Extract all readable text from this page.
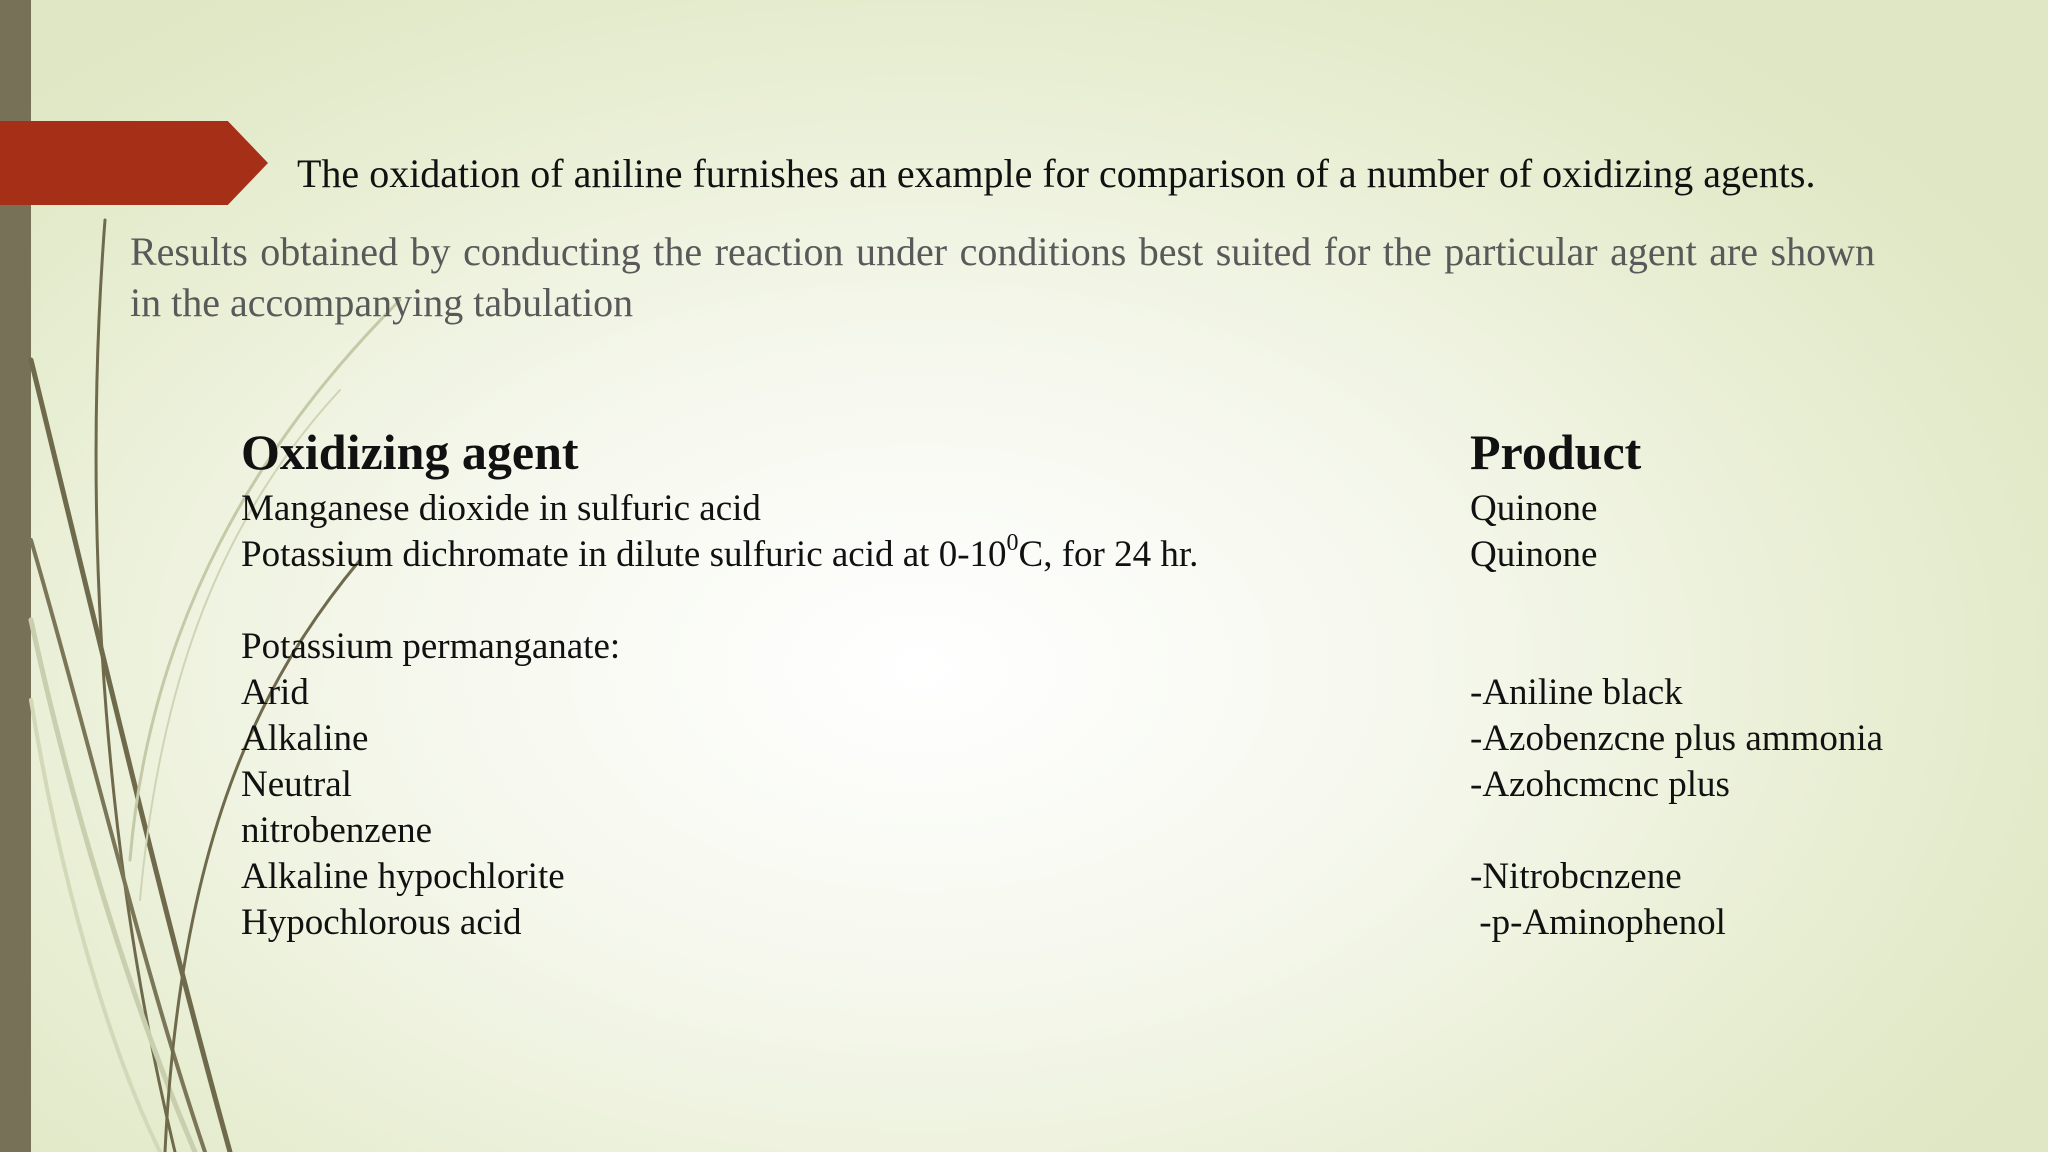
The oxidation of aniline furnishes an example for comparison of a number of oxidizing agents.

Results obtained by conducting the reaction under conditions best suited for the particular agent are shown in the accompanying tabulation

Oxidizing agent	Product

Manganese dioxide in sulfuric acid
Potassium dichromate in dilute sulfuric acid at $0-10^0C$, for 24 hr.
Potassium permanganate:
Arid
Alkaline
Neutral
nitrobenzene
Alkaline hypochlorite
Hypochlorous acid
Quinone
Quinone
-Aniline black
-Azobenzcne plus ammonia
-Azohcmcnc plus
-Nitrobcnzene
-p-Aminophenol
